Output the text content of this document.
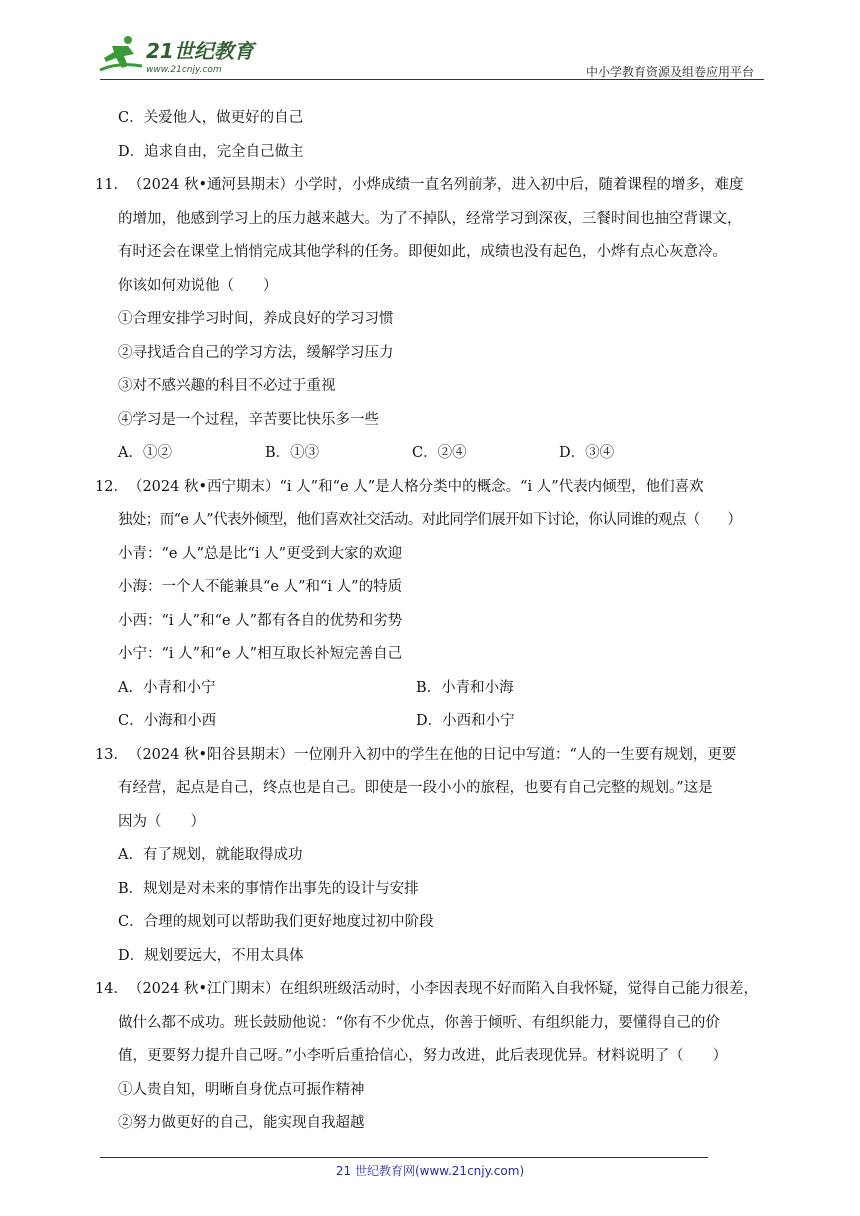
21世纪教育
www.21cnjy.com	中小学教育资源及组卷应用平台
C．关爱他人，做更好的自己
D．追求自由，完全自己做主
11．（2024 秋•通河县期末）小学时，小烨成绩一直名列前茅，进入初中后，随着课程的增多，难度
的增加，他感到学习上的压力越来越大。为了不掉队，经常学习到深夜，三餐时间也抽空背课文，
有时还会在课堂上悄悄完成其他学科的任务。即便如此，成绩也没有起色，小烨有点心灰意冷。
你该如何劝说他（　　）
①合理安排学习时间，养成良好的学习习惯
②寻找适合自己的学习方法，缓解学习压力
③对不感兴趣的科目不必过于重视
④学习是一个过程，辛苦要比快乐多一些
A．①②	B．①③	C．②④	D．③④
12．（2024 秋•西宁期末）“i 人”和“e 人”是人格分类中的概念。“i 人”代表内倾型，他们喜欢
独处；而“e 人”代表外倾型，他们喜欢社交活动。对此同学们展开如下讨论，你认同谁的观点（　　）
小青：“e 人”总是比“i 人”更受到大家的欢迎
小海：一个人不能兼具“e 人”和“i 人”的特质
小西：“i 人”和“e 人”都有各自的优势和劣势
小宁：“i 人”和“e 人”相互取长补短完善自己
A．小青和小宁	B．小青和小海
C．小海和小西	D．小西和小宁
13．（2024 秋•阳谷县期末）一位刚升入初中的学生在他的日记中写道：“人的一生要有规划，更要
有经营，起点是自己，终点也是自己。即使是一段小小的旅程，也要有自己完整的规划。”这是
因为（　　）
A．有了规划，就能取得成功
B．规划是对未来的事情作出事先的设计与安排
C．合理的规划可以帮助我们更好地度过初中阶段
D．规划要远大，不用太具体
14．（2024 秋•江门期末）在组织班级活动时，小李因表现不好而陷入自我怀疑，觉得自己能力很差，
做什么都不成功。班长鼓励他说：“你有不少优点，你善于倾听、有组织能力，要懂得自己的价
值，更要努力提升自己呀。”小李听后重拾信心，努力改进，此后表现优异。材料说明了（　　）
①人贵自知，明晰自身优点可振作精神
②努力做更好的自己，能实现自我超越
21 世纪教育网(www.21cnjy.com)
